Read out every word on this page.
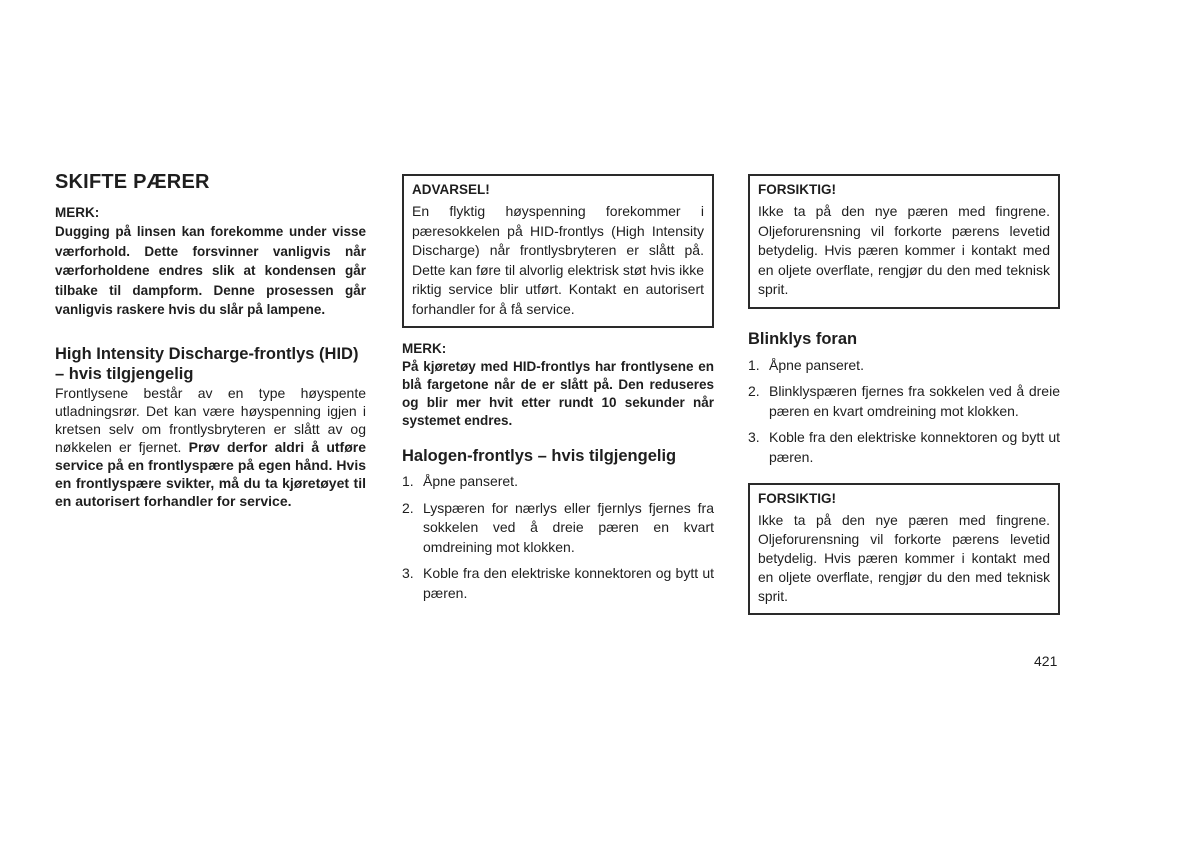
SKIFTE PÆRER
MERK:

Dugging på linsen kan forekomme under visse værforhold. Dette forsvinner vanligvis når værforholdene endres slik at kondensen går tilbake til dampform. Denne prosessen går vanligvis raskere hvis du slår på lampene.

High Intensity Discharge-frontlys (HID) – hvis tilgjengelig

Frontlysene består av en type høyspente utladningsrør. Det kan være høyspenning igjen i kretsen selv om frontlysbryteren er slått av og nøkkelen er fjernet. Prøv derfor aldri å utføre service på en frontlyspære på egen hånd. Hvis en frontlyspære svikter, må du ta kjøretøyet til en autorisert forhandler for service.

ADVARSEL!
En flyktig høyspenning forekommer i pæresokkelen på HID-frontlys (High Intensity Discharge) når frontlysbryteren er slått på. Dette kan føre til alvorlig elektrisk støt hvis ikke riktig service blir utført. Kontakt en autorisert forhandler for å få service.
MERK:

På kjøretøy med HID-frontlys har frontlysene en blå fargetone når de er slått på. Den reduseres og blir mer hvit etter rundt 10 sekunder når systemet endres.

Halogen-frontlys – hvis tilgjengelig
1. Åpne panseret.
2. Lyspæren for nærlys eller fjernlys fjernes fra sokkelen ved å dreie pæren en kvart omdreining mot klokken.
3. Koble fra den elektriske konnektoren og bytt ut pæren.
FORSIKTIG!
Ikke ta på den nye pæren med fingrene. Oljeforurensning vil forkorte pærens levetid betydelig. Hvis pæren kommer i kontakt med en oljete overflate, rengjør du den med teknisk sprit.
Blinklys foran
1. Åpne panseret.
2. Blinklyspæren fjernes fra sokkelen ved å dreie pæren en kvart omdreining mot klokken.
3. Koble fra den elektriske konnektoren og bytt ut pæren.
FORSIKTIG!
Ikke ta på den nye pæren med fingrene. Oljeforurensning vil forkorte pærens levetid betydelig. Hvis pæren kommer i kontakt med en oljete overflate, rengjør du den med teknisk sprit.
421
